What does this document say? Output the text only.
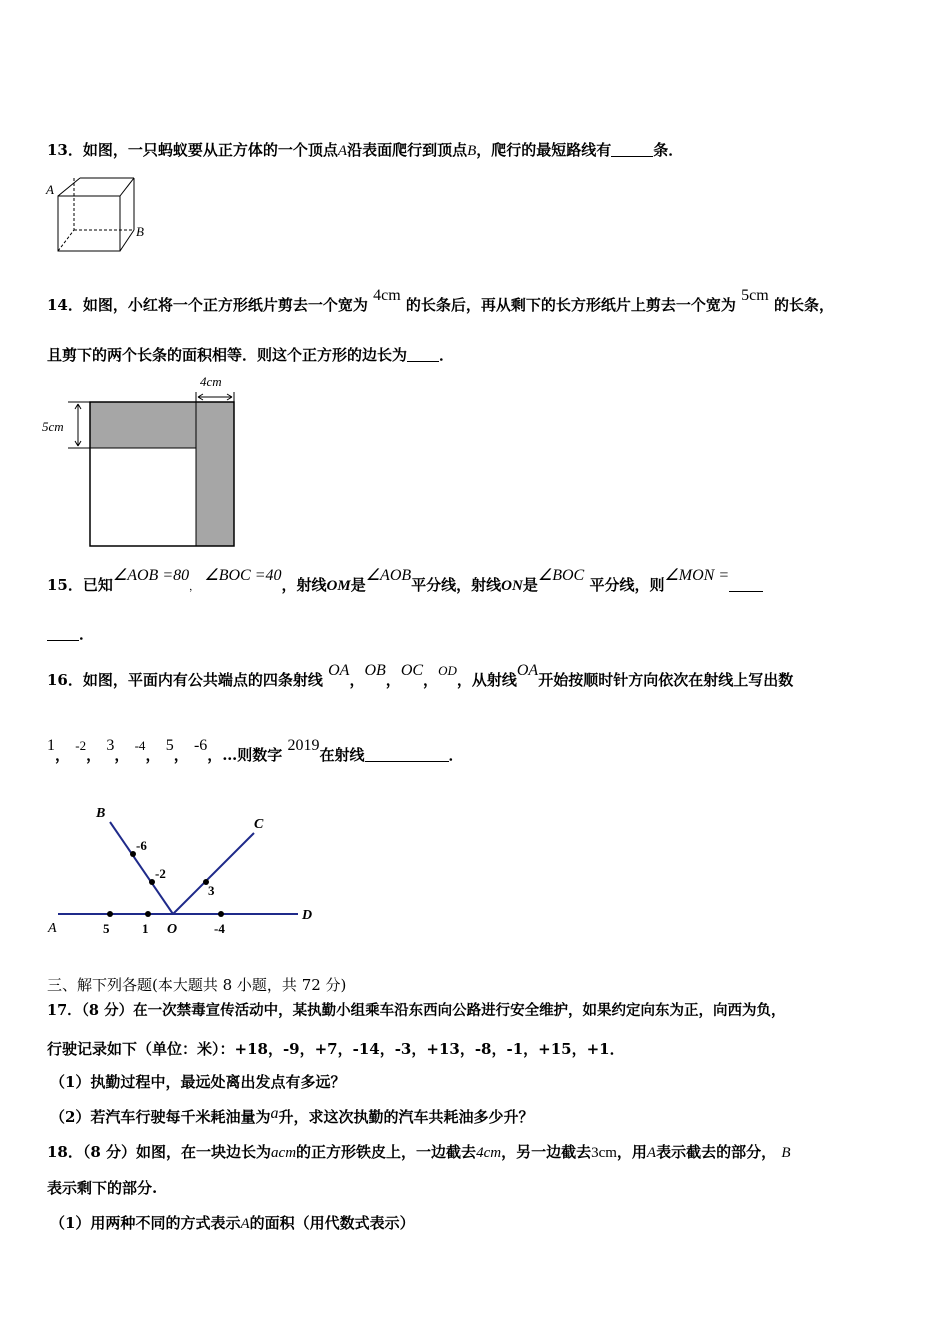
13．如图，一只蚂蚁要从正方体的一个顶点A沿表面爬行到顶点B，爬行的最短路线有	条．
A
B
14．如图，小红将一个正方形纸片剪去一个宽为 4cm 的长条后，再从剩下的长方形纸片上剪去一个宽为 5cm 的长条，
且剪下的两个长条的面积相等．则这个正方形的边长为 ．
4cm
5cm
15．已知∠AOB =80， ∠BOC =40，射线OM是∠AOB平分线，射线ON是∠BOC 平分线，则∠MON =
．
16．如图，平面内有公共端点的四条射线 OA，OB，OC，OD，从射线OA开始按顺时针方向依次在射线上写出数
1， -2， 3， -4， 5， -6，…则数字 2019在射线	．
A
B
C
D
O
5	1	-4
-6
-2
3
三、解下列各题(本大题共 8 小题，共 72 分)
17．（8 分）在一次禁毒宣传活动中，某执勤小组乘车沿东西向公路进行安全维护，如果约定向东为正，向西为负，
行驶记录如下（单位：米）：+18，-9，+7，-14，-3，+13，-8，-1，+15，+1．
（1）执勤过程中，最远处离出发点有多远？
（2）若汽车行驶每千米耗油量为a升，求这次执勤的汽车共耗油多少升？
18．（8 分）如图，在一块边长为acm的正方形铁皮上，一边截去4cm，另一边截去3cm，用A表示截去的部分， B
表示剩下的部分.
（1）用两种不同的方式表示A的面积（用代数式表示）
